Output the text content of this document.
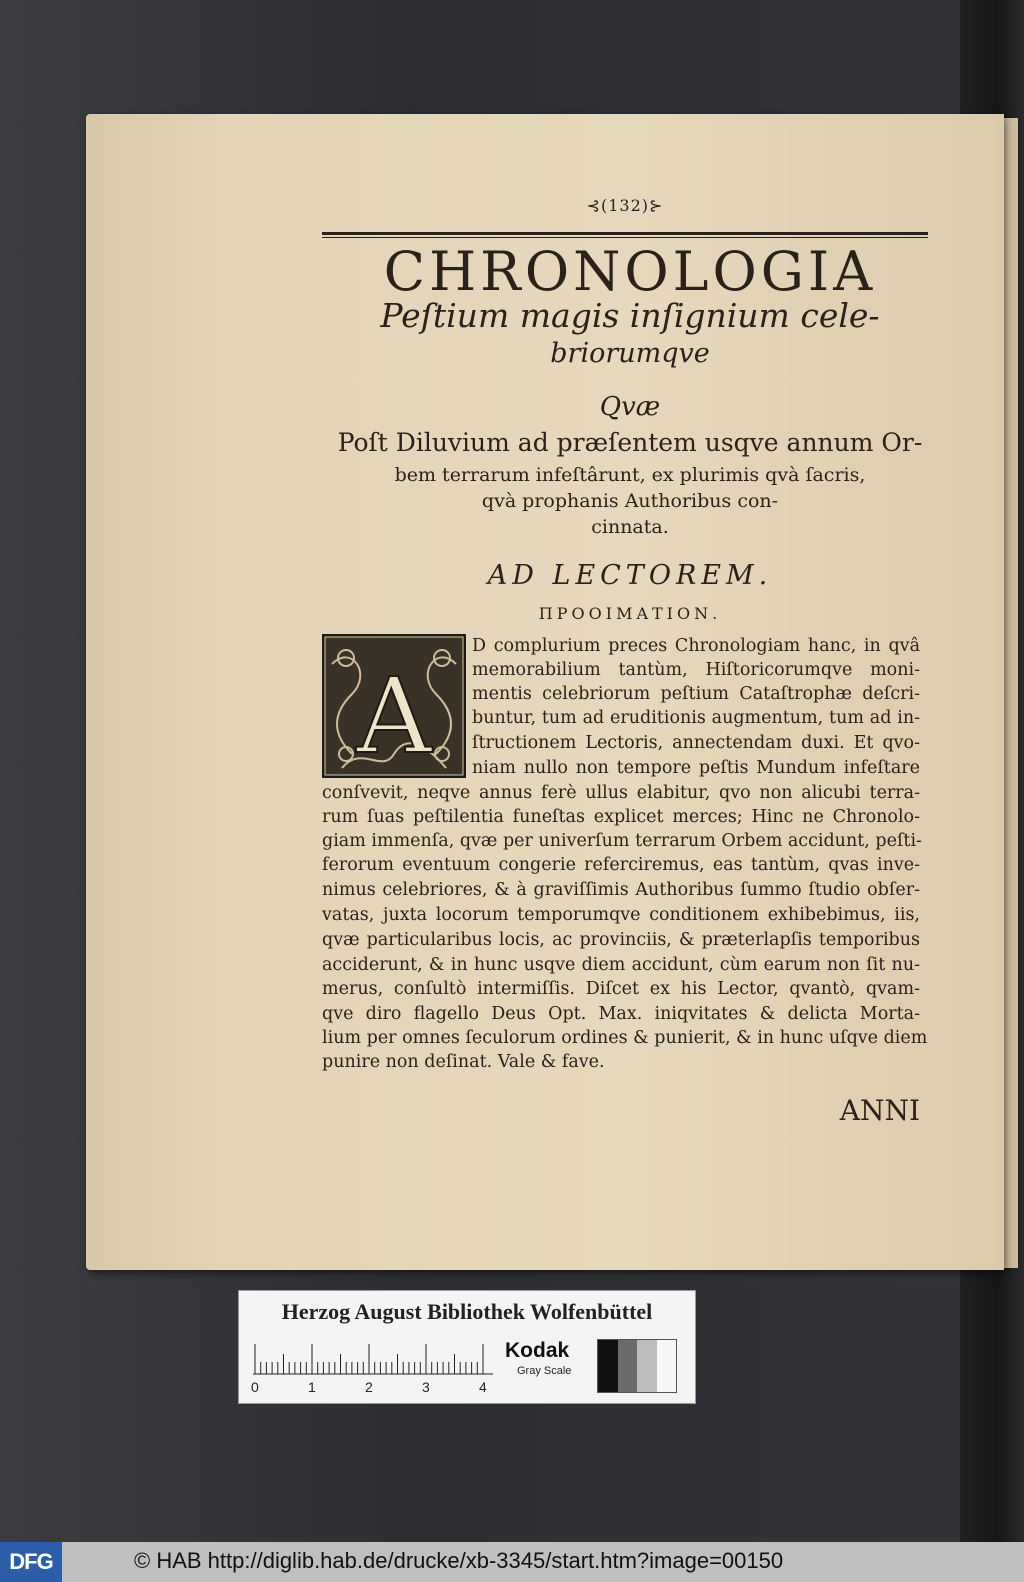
⊰(132)⊱
CHRONOLOGIA
Peſtium magis inſignium cele-
briorumqve
Qvæ
Poſt Diluvium ad præſentem usqve annum Or-
bem terrarum infeſtârunt, ex plurimis qvà ſacris,
qvà prophanis Authoribus con-
cinnata.
AD LECTOREM.
ΠΡΟΟΙΜΑΤΙΟΝ.
A
D complurium preces Chronologiam hanc, in qvâ
memorabilium tantùm, Hiſtoricorumqve moni-
mentis celebriorum peſtium Cataſtrophæ deſcri-
buntur, tum ad eruditionis augmentum, tum ad in-
ſtructionem Lectoris, annectendam duxi. Et qvo-
niam nullo non tempore peſtis Mundum infeſtare
conſvevit, neqve annus ferè ullus elabitur, qvo non alicubi terra-
rum ſuas peſtilentia funeſtas explicet merces; Hinc ne Chronolo-
giam immenſa, qvæ per univerſum terrarum Orbem accidunt, peſti-
ferorum eventuum congerie referciremus, eas tantùm, qvas inve-
nimus celebriores, & à graviſſimis Authoribus ſummo ſtudio obſer-
vatas, juxta locorum temporumqve conditionem exhibebimus, iis,
qvæ particularibus locis, ac provinciis, & præterlapſis temporibus
acciderunt, & in hunc usqve diem accidunt, cùm earum non ſit nu-
merus, conſultò intermiſſis. Diſcet ex his Lector, qvantò, qvam-
qve diro flagello Deus Opt. Max. iniqvitates & delicta Morta-
lium per omnes ſeculorum ordines & punierit, & in hunc uſqve diem
punire non deſinat. Vale & fave.
ANNI
Herzog August Bibliothek Wolfenbüttel
0	1	2	3	4
Kodak
Gray Scale
DFG	© HAB http://diglib.hab.de/drucke/xb-3345/start.htm?image=00150
